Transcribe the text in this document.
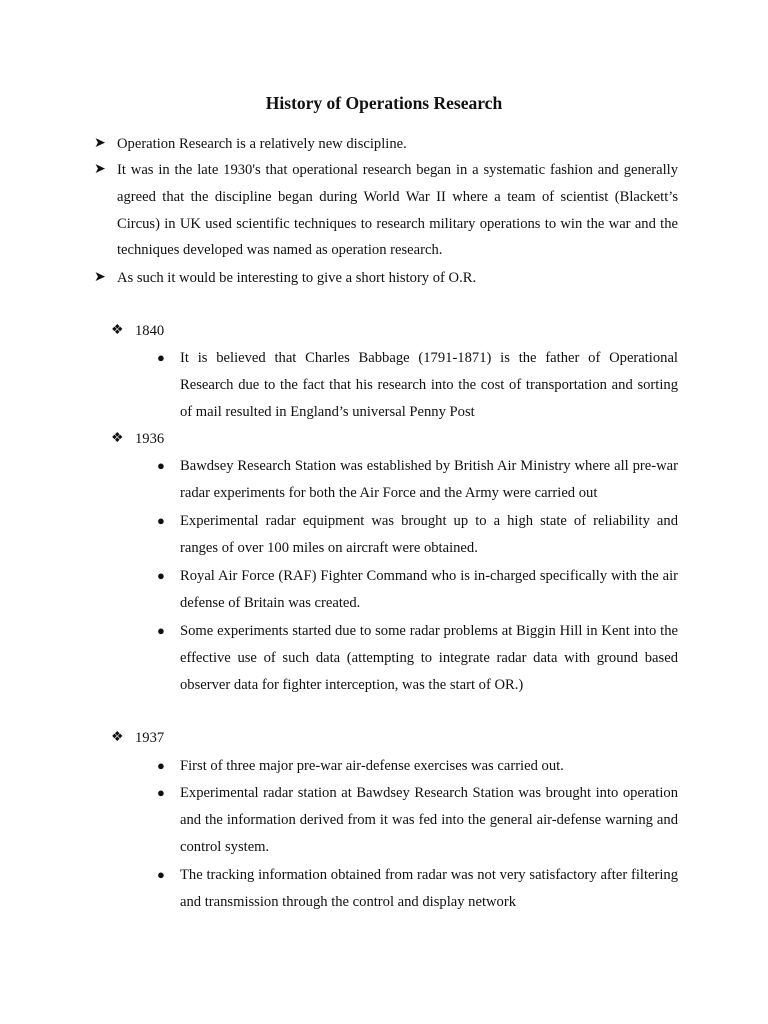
History of Operations Research

➤ Operation Research is a relatively new discipline.

➤ It was in the late 1930's that operational research began in a systematic fashion and generally agreed that the discipline began during World War II where a team of scientist (Blackett’s Circus) in UK used scientific techniques to research military operations to win the war and the techniques developed was named as operation research.

➤ As such it would be interesting to give a short history of O.R.

❖ 1840

● It is believed that Charles Babbage (1791-1871) is the father of Operational Research due to the fact that his research into the cost of transportation and sorting of mail resulted in England’s universal Penny Post

❖ 1936

● Bawdsey Research Station was established by British Air Ministry where all pre-war radar experiments for both the Air Force and the Army were carried out

● Experimental radar equipment was brought up to a high state of reliability and ranges of over 100 miles on aircraft were obtained.

● Royal Air Force (RAF) Fighter Command who is in-charged specifically with the air defense of Britain was created.

● Some experiments started due to some radar problems at Biggin Hill in Kent into the effective use of such data (attempting to integrate radar data with ground based observer data for fighter interception, was the start of OR.)

❖ 1937

● First of three major pre-war air-defense exercises was carried out.

● Experimental radar station at Bawdsey Research Station was brought into operation and the information derived from it was fed into the general air-defense warning and control system.

● The tracking information obtained from radar was not very satisfactory after filtering and transmission through the control and display network
